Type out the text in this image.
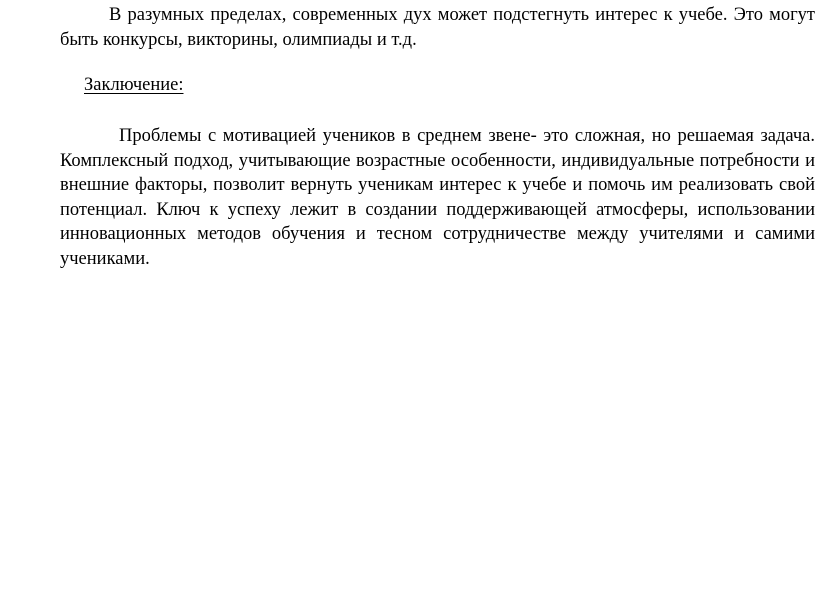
В разумных пределах, современных дух может подстегнуть интерес к учебе. Это могут быть конкурсы, викторины, олимпиады и т.д.
Заключение:
Проблемы с мотивацией учеников в среднем звене- это сложная, но решаемая задача. Комплексный подход, учитывающие возрастные особенности, индивидуальные потребности и внешние факторы, позволит вернуть ученикам интерес к учебе и помочь им реализовать свой потенциал. Ключ к успеху лежит в создании поддерживающей атмосферы, использовании инновационных методов обучения и тесном сотрудничестве между учителями и самими учениками.
